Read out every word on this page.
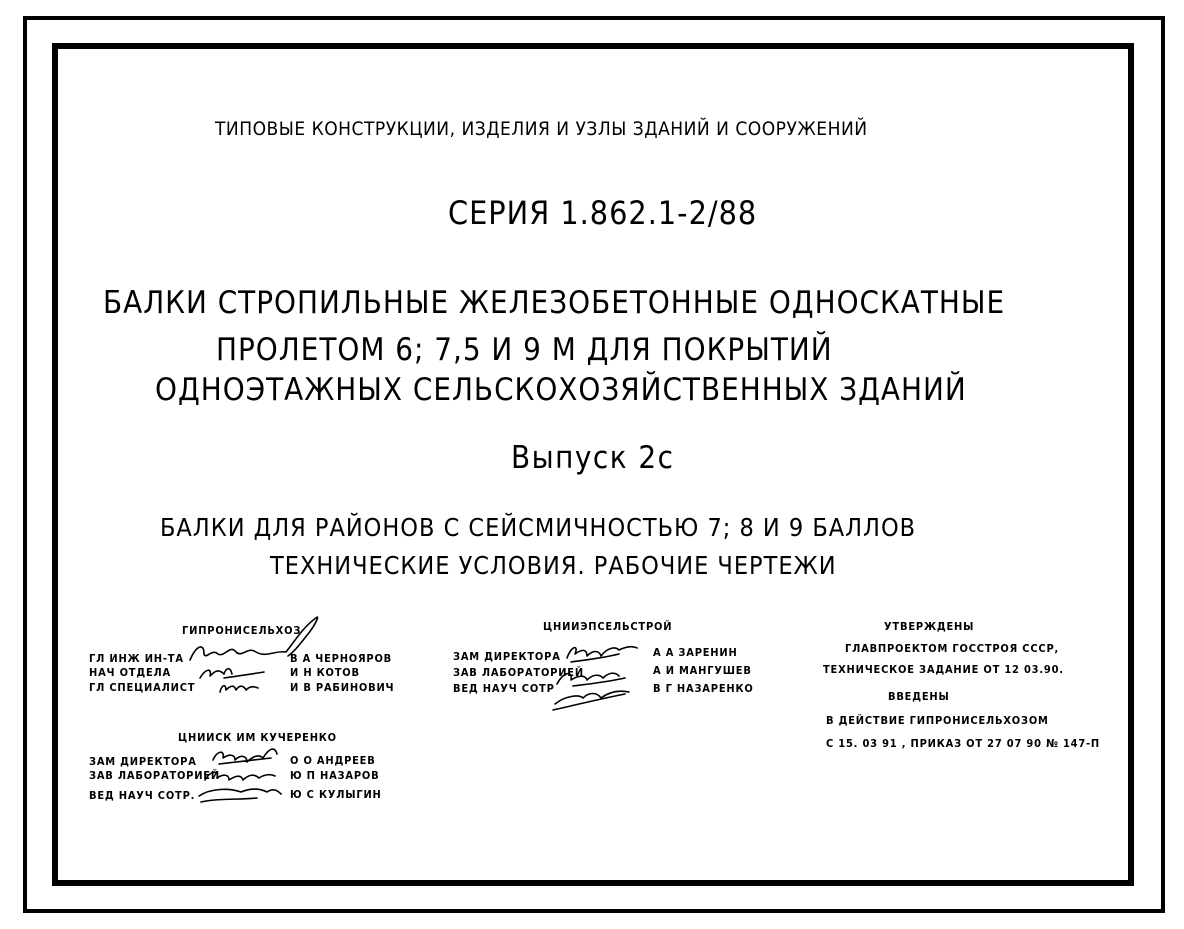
ТИПОВЫЕ КОНСТРУКЦИИ, ИЗДЕЛИЯ И УЗЛЫ ЗДАНИЙ И СООРУЖЕНИЙ
СЕРИЯ 1.862.1-2/88
БАЛКИ СТРОПИЛЬНЫЕ ЖЕЛЕЗОБЕТОННЫЕ ОДНОСКАТНЫЕ
ПРОЛЕТОМ 6; 7,5 И 9 М ДЛЯ ПОКРЫТИЙ
ОДНОЭТАЖНЫХ СЕЛЬСКОХОЗЯЙСТВЕННЫХ ЗДАНИЙ
Выпуск 2с
БАЛКИ ДЛЯ РАЙОНОВ С СЕЙСМИЧНОСТЬЮ 7; 8 И 9 БАЛЛОВ
ТЕХНИЧЕСКИЕ УСЛОВИЯ. РАБОЧИЕ ЧЕРТЕЖИ
ГИПРОНИСЕЛЬХОЗ
ГЛ ИНЖ ИН-ТА
НАЧ ОТДЕЛА
ГЛ СПЕЦИАЛИСТ
В А ЧЕРНОЯРОВ
И Н КОТОВ
И В РАБИНОВИЧ
ЦНИИЭПСЕЛЬСТРОЙ
ЗАМ ДИРЕКТОРА
ЗАВ ЛАБОРАТОРИЕЙ
ВЕД НАУЧ СОТР
А А ЗАРЕНИН
А И МАНГУШЕВ
В Г НАЗАРЕНКО
ЦНИИСК ИМ КУЧЕРЕНКО
ЗАМ ДИРЕКТОРА
ЗАВ ЛАБОРАТОРИЕЙ
ВЕД НАУЧ СОТР.
О О АНДРЕЕВ
Ю П НАЗАРОВ
Ю С КУЛЫГИН
УТВЕРЖДЕНЫ
ГЛАВПРОЕКТОМ ГОССТРОЯ СССР,
ТЕХНИЧЕСКОЕ ЗАДАНИЕ ОТ 12 03.90.
ВВЕДЕНЫ
В ДЕЙСТВИЕ ГИПРОНИСЕЛЬХОЗОМ
С 15. 03 91 , ПРИКАЗ ОТ 27 07 90 № 147-П
